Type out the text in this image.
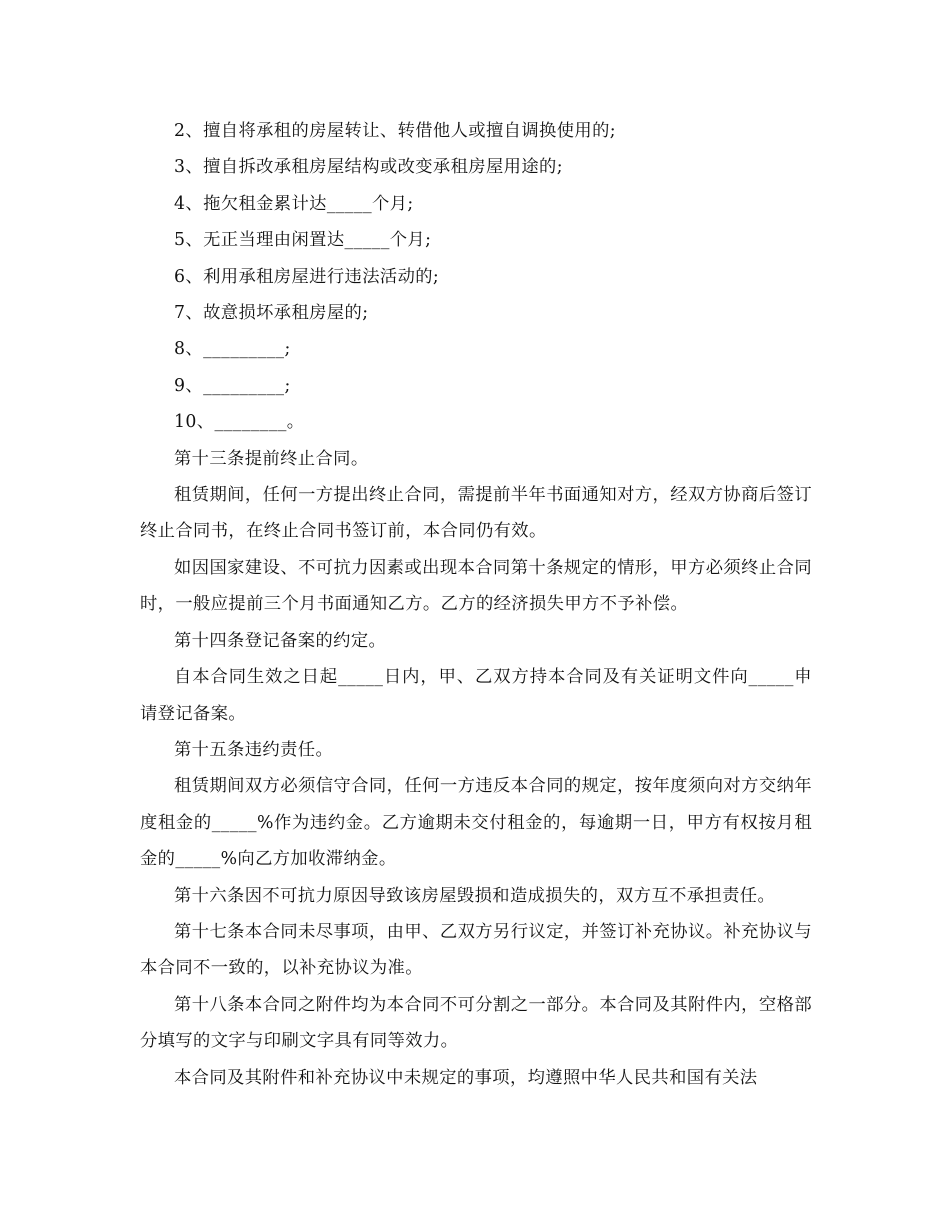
2、擅自将承租的房屋转让、转借他人或擅自调换使用的;

3、擅自拆改承租房屋结构或改变承租房屋用途的;

4、拖欠租金累计达_____个月;

5、无正当理由闲置达_____个月;

6、利用承租房屋进行违法活动的;

7、故意损坏承租房屋的;

8、_________;

9、_________;

10、________。

第十三条提前终止合同。

租赁期间，任何一方提出终止合同，需提前半年书面通知对方，经双方协商后签订终止合同书，在终止合同书签订前，本合同仍有效。

如因国家建设、不可抗力因素或出现本合同第十条规定的情形，甲方必须终止合同时，一般应提前三个月书面通知乙方。乙方的经济损失甲方不予补偿。

第十四条登记备案的约定。

自本合同生效之日起_____日内，甲、乙双方持本合同及有关证明文件向_____申请登记备案。

第十五条违约责任。

租赁期间双方必须信守合同，任何一方违反本合同的规定，按年度须向对方交纳年度租金的_____%作为违约金。乙方逾期未交付租金的，每逾期一日，甲方有权按月租金的_____%向乙方加收滞纳金。

第十六条因不可抗力原因导致该房屋毁损和造成损失的，双方互不承担责任。

第十七条本合同未尽事项，由甲、乙双方另行议定，并签订补充协议。补充协议与本合同不一致的，以补充协议为准。

第十八条本合同之附件均为本合同不可分割之一部分。本合同及其附件内，空格部分填写的文字与印刷文字具有同等效力。

本合同及其附件和补充协议中未规定的事项，均遵照中华人民共和国有关法
